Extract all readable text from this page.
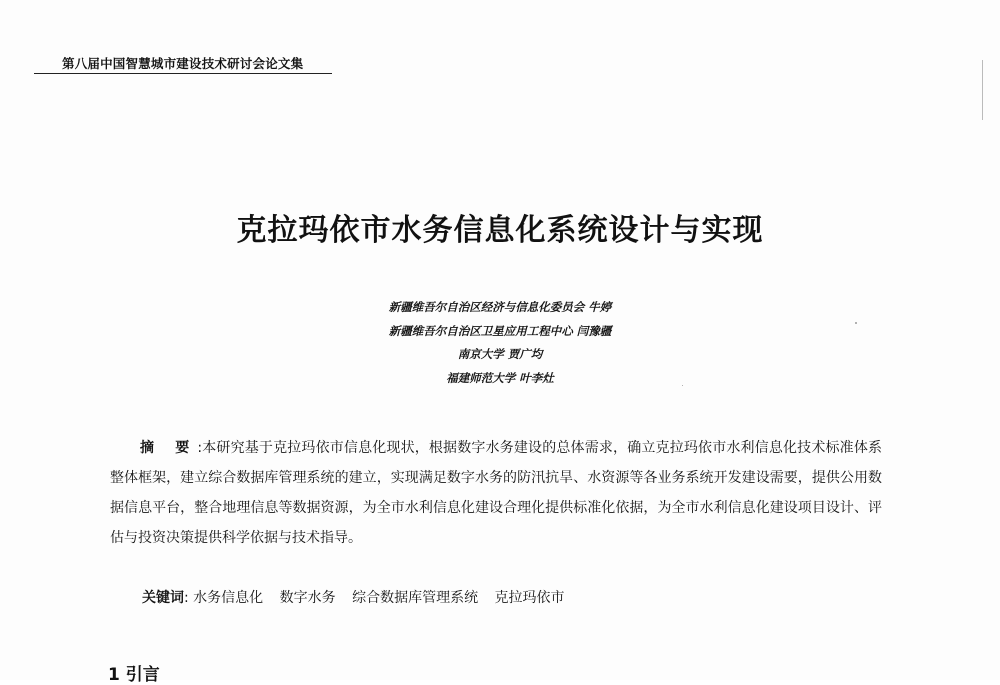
第八届中国智慧城市建设技术研讨会论文集
克拉玛依市水务信息化系统设计与实现
新疆维吾尔自治区经济与信息化委员会 牛婷
新疆维吾尔自治区卫星应用工程中心 闫豫疆
南京大学 贾广均
福建师范大学 叶李灶
摘 要:本研究基于克拉玛依市信息化现状，根据数字水务建设的总体需求，确立克拉玛依市水利信息化技术标准体系整体框架，建立综合数据库管理系统的建立，实现满足数字水务的防汛抗旱、水资源等各业务系统开发建设需要，提供公用数据信息平台，整合地理信息等数据资源，为全市水利信息化建设合理化提供标准化依据，为全市水利信息化建设项目设计、评估与投资决策提供科学依据与技术指导。
关键词: 水务信息化 数字水务 综合数据库管理系统 克拉玛依市
1 引言
